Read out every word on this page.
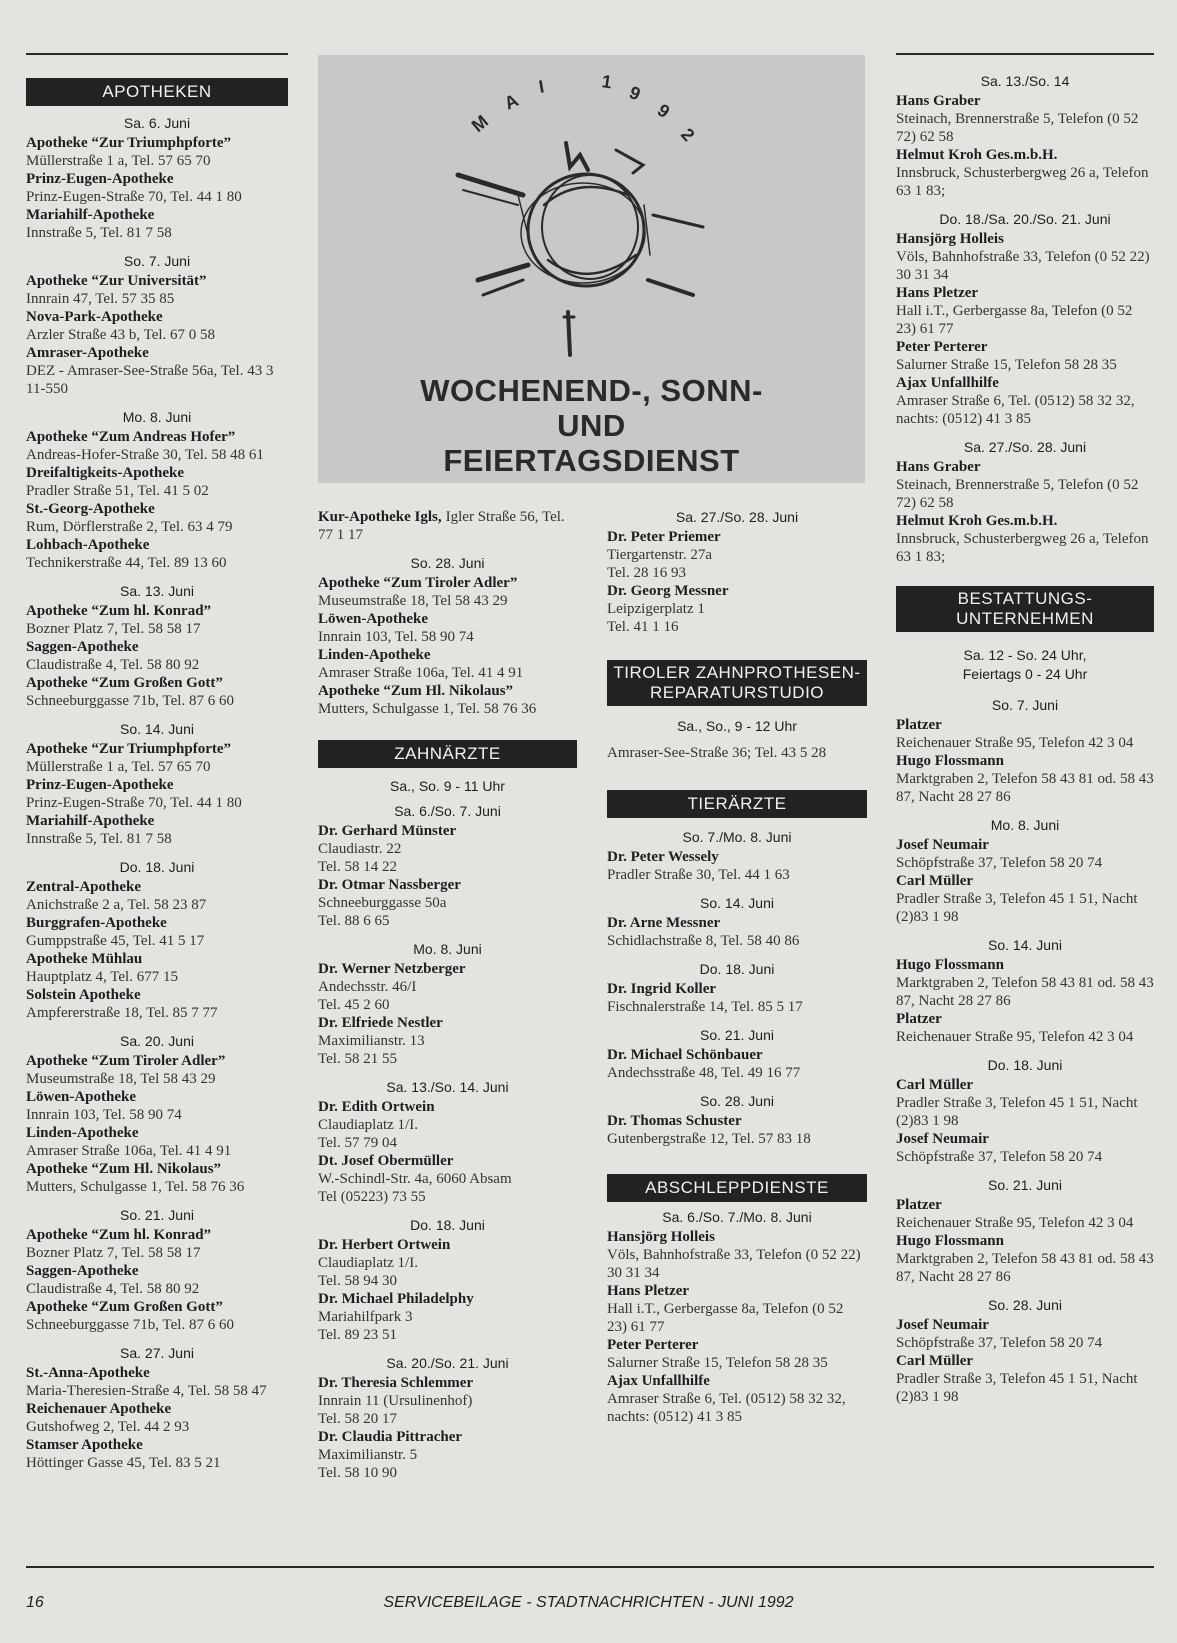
APOTHEKEN
Sa. 6. Juni
Apotheke “Zur Triumphpforte”
Müllerstraße 1 a, Tel. 57 65 70
Prinz-Eugen-Apotheke
Prinz-Eugen-Straße 70, Tel. 44 1 80
Mariahilf-Apotheke
Innstraße 5, Tel. 81 7 58
So. 7. Juni
Apotheke “Zur Universität”
Innrain 47, Tel. 57 35 85
Nova-Park-Apotheke
Arzler Straße 43 b, Tel. 67 0 58
Amraser-Apotheke
DEZ - Amraser-See-Straße 56a, Tel. 43 3 11-550
Mo. 8. Juni
Apotheke “Zum Andreas Hofer”
Andreas-Hofer-Straße 30, Tel. 58 48 61
Dreifaltigkeits-Apotheke
Pradler Straße 51, Tel. 41 5 02
St.-Georg-Apotheke
Rum, Dörflerstraße 2, Tel. 63 4 79
Lohbach-Apotheke
Technikerstraße 44, Tel. 89 13 60
Sa. 13. Juni
Apotheke “Zum hl. Konrad”
Bozner Platz 7, Tel. 58 58 17
Saggen-Apotheke
Claudistraße 4, Tel. 58 80 92
Apotheke “Zum Großen Gott”
Schneeburggasse 71b, Tel. 87 6 60
So. 14. Juni
Apotheke “Zur Triumphpforte”
Müllerstraße 1 a, Tel. 57 65 70
Prinz-Eugen-Apotheke
Prinz-Eugen-Straße 70, Tel. 44 1 80
Mariahilf-Apotheke
Innstraße 5, Tel. 81 7 58
Do. 18. Juni
Zentral-Apotheke
Anichstraße 2 a, Tel. 58 23 87
Burggrafen-Apotheke
Gumppstraße 45, Tel. 41 5 17
Apotheke Mühlau
Hauptplatz 4, Tel. 677 15
Solstein Apotheke
Ampfererstraße 18, Tel. 85 7 77
Sa. 20. Juni
Apotheke “Zum Tiroler Adler”
Museumstraße 18, Tel 58 43 29
Löwen-Apotheke
Innrain 103, Tel. 58 90 74
Linden-Apotheke
Amraser Straße 106a, Tel. 41 4 91
Apotheke “Zum Hl. Nikolaus”
Mutters, Schulgasse 1, Tel. 58 76 36
So. 21. Juni
Apotheke “Zum hl. Konrad”
Bozner Platz 7, Tel. 58 58 17
Saggen-Apotheke
Claudistraße 4, Tel. 58 80 92
Apotheke “Zum Großen Gott”
Schneeburggasse 71b, Tel. 87 6 60
Sa. 27. Juni
St.-Anna-Apotheke
Maria-Theresien-Straße 4, Tel. 58 58 47
Reichenauer Apotheke
Gutshofweg 2, Tel. 44 2 93
Stamser Apotheke
Höttinger Gasse 45, Tel. 83 5 21
M
A
I	1
9
9
2
MAI 1992
WOCHENEND-, SONN-
UND
FEIERTAGSDIENST
Kur-Apotheke Igls, Igler Straße 56, Tel. 77 1 17
So. 28. Juni
Apotheke “Zum Tiroler Adler”
Museumstraße 18, Tel 58 43 29
Löwen-Apotheke
Innrain 103, Tel. 58 90 74
Linden-Apotheke
Amraser Straße 106a, Tel. 41 4 91
Apotheke “Zum Hl. Nikolaus”
Mutters, Schulgasse 1, Tel. 58 76 36
ZAHNÄRZTE
Sa., So. 9 - 11 Uhr
Sa. 6./So. 7. Juni
Dr. Gerhard Münster
Claudiastr. 22
Tel. 58 14 22
Dr. Otmar Nassberger
Schneeburggasse 50a
Tel. 88 6 65
Mo. 8. Juni
Dr. Werner Netzberger
Andechsstr. 46/I
Tel. 45 2 60
Dr. Elfriede Nestler
Maximilianstr. 13
Tel. 58 21 55
Sa. 13./So. 14. Juni
Dr. Edith Ortwein
Claudiaplatz 1/I.
Tel. 57 79 04
Dt. Josef Obermüller
W.-Schindl-Str. 4a, 6060 Absam
Tel (05223) 73 55
Do. 18. Juni
Dr. Herbert Ortwein
Claudiaplatz 1/I.
Tel. 58 94 30
Dr. Michael Philadelphy
Mariahilfpark 3
Tel. 89 23 51
Sa. 20./So. 21. Juni
Dr. Theresia Schlemmer
Innrain 11 (Ursulinenhof)
Tel. 58 20 17
Dr. Claudia Pittracher
Maximilianstr. 5
Tel. 58 10 90
Sa. 27./So. 28. Juni
Dr. Peter Priemer
Tiergartenstr. 27a
Tel. 28 16 93
Dr. Georg Messner
Leipzigerplatz 1
Tel. 41 1 16
TIROLER ZAHNPROTHESEN-
REPARATURSTUDIO
Sa., So., 9 - 12 Uhr
Amraser-See-Straße 36; Tel. 43 5 28
TIERÄRZTE
So. 7./Mo. 8. Juni
Dr. Peter Wessely
Pradler Straße 30, Tel. 44 1 63
So. 14. Juni
Dr. Arne Messner
Schidlachstraße 8, Tel. 58 40 86
Do. 18. Juni
Dr. Ingrid Koller
Fischnalerstraße 14, Tel. 85 5 17
So. 21. Juni
Dr. Michael Schönbauer
Andechsstraße 48, Tel. 49 16 77
So. 28. Juni
Dr. Thomas Schuster
Gutenbergstraße 12, Tel. 57 83 18
ABSCHLEPPDIENSTE
Sa. 6./So. 7./Mo. 8. Juni
Hansjörg Holleis
Völs, Bahnhofstraße 33, Telefon (0 52 22) 30 31 34
Hans Pletzer
Hall i.T., Gerbergasse 8a, Telefon (0 52 23) 61 77
Peter Perterer
Salurner Straße 15, Telefon 58 28 35
Ajax Unfallhilfe
Amraser Straße 6, Tel. (0512) 58 32 32, nachts: (0512) 41 3 85
Sa. 13./So. 14
Hans Graber
Steinach, Brennerstraße 5, Telefon (0 52 72) 62 58
Helmut Kroh Ges.m.b.H.
Innsbruck, Schusterbergweg 26 a, Telefon 63 1 83;
Do. 18./Sa. 20./So. 21. Juni
Hansjörg Holleis
Völs, Bahnhofstraße 33, Telefon (0 52 22) 30 31 34
Hans Pletzer
Hall i.T., Gerbergasse 8a, Telefon (0 52 23) 61 77
Peter Perterer
Salurner Straße 15, Telefon 58 28 35
Ajax Unfallhilfe
Amraser Straße 6, Tel. (0512) 58 32 32, nachts: (0512) 41 3 85
Sa. 27./So. 28. Juni
Hans Graber
Steinach, Brennerstraße 5, Telefon (0 52 72) 62 58
Helmut Kroh Ges.m.b.H.
Innsbruck, Schusterbergweg 26 a, Telefon 63 1 83;
BESTATTUNGS-
UNTERNEHMEN
Sa. 12 - So. 24 Uhr,
Feiertags 0 - 24 Uhr
So. 7. Juni
Platzer
Reichenauer Straße 95, Telefon 42 3 04
Hugo Flossmann
Marktgraben 2, Telefon 58 43 81 od. 58 43 87, Nacht 28 27 86
Mo. 8. Juni
Josef Neumair
Schöpfstraße 37, Telefon 58 20 74
Carl Müller
Pradler Straße 3, Telefon 45 1 51, Nacht (2)83 1 98
So. 14. Juni
Hugo Flossmann
Marktgraben 2, Telefon 58 43 81 od. 58 43 87, Nacht 28 27 86
Platzer
Reichenauer Straße 95, Telefon 42 3 04
Do. 18. Juni
Carl Müller
Pradler Straße 3, Telefon 45 1 51, Nacht (2)83 1 98
Josef Neumair
Schöpfstraße 37, Telefon 58 20 74
So. 21. Juni
Platzer
Reichenauer Straße 95, Telefon 42 3 04
Hugo Flossmann
Marktgraben 2, Telefon 58 43 81 od. 58 43 87, Nacht 28 27 86
So. 28. Juni
Josef Neumair
Schöpfstraße 37, Telefon 58 20 74
Carl Müller
Pradler Straße 3, Telefon 45 1 51, Nacht (2)83 1 98
16	SERVICEBEILAGE - STADTNACHRICHTEN - JUNI 1992
